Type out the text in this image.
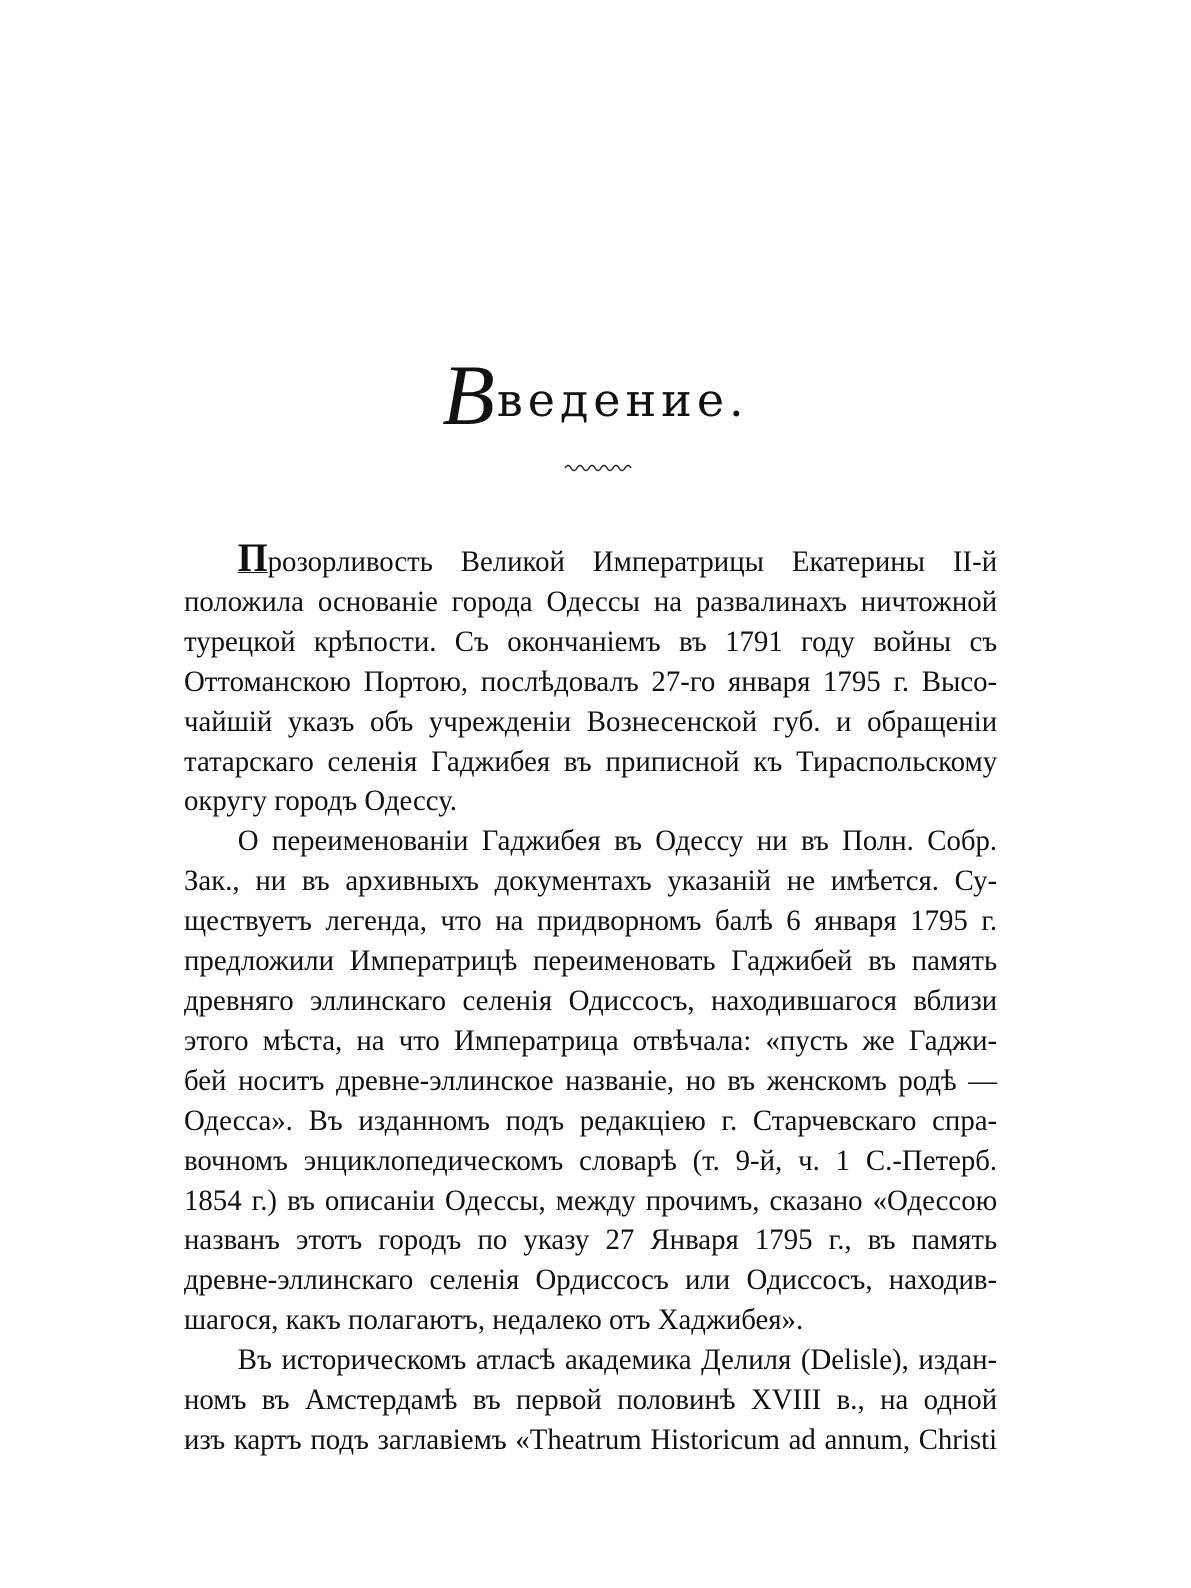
Введениe.
Прозорливость Великой Императрицы Екатерины II-й
положила основаніе города Одессы на развалинахъ ничтожной
турецкой крѣпости. Съ окончаніемъ въ 1791 году войны съ
Оттоманскою Портою, послѣдовалъ 27-го января 1795 г. Высо-
чайшій указъ объ учрежденіи Вознесенской губ. и обращеніи
татарскаго селенія Гаджибея въ приписной къ Тираспольскому
округу городъ Одессу.
О переименованіи Гаджибея въ Одессу ни въ Полн. Собр.
Зак., ни въ архивныхъ документахъ указаній не имѣется. Су-
ществуетъ легенда, что на придворномъ балѣ 6 января 1795 г.
предложили Императрицѣ переименовать Гаджибей въ память
древняго эллинскаго селенія Одиссосъ, находившагося вблизи
этого мѣста, на что Императрица отвѣчала: «пусть же Гаджи-
бей носитъ древне-эллинское названіе, но въ женскомъ родѣ —
Одесса». Въ изданномъ подъ редакціею г. Старчевскаго спра-
вочномъ энциклопедическомъ словарѣ (т. 9-й, ч. 1 С.-Петерб.
1854 г.) въ описаніи Одессы, между прочимъ, сказано «Одессою
названъ этотъ городъ по указу 27 Января 1795 г., въ память
древне-эллинскаго селенія Ордиссосъ или Одиссосъ, находив-
шагося, какъ полагаютъ, недалеко отъ Хаджибея».
Въ историческомъ атласѣ академика Делиля (Delisle), издан-
номъ въ Амстердамѣ въ первой половинѣ XVIII в., на одной
изъ картъ подъ заглавіемъ «Theatrum Historicum ad annum, Christi
